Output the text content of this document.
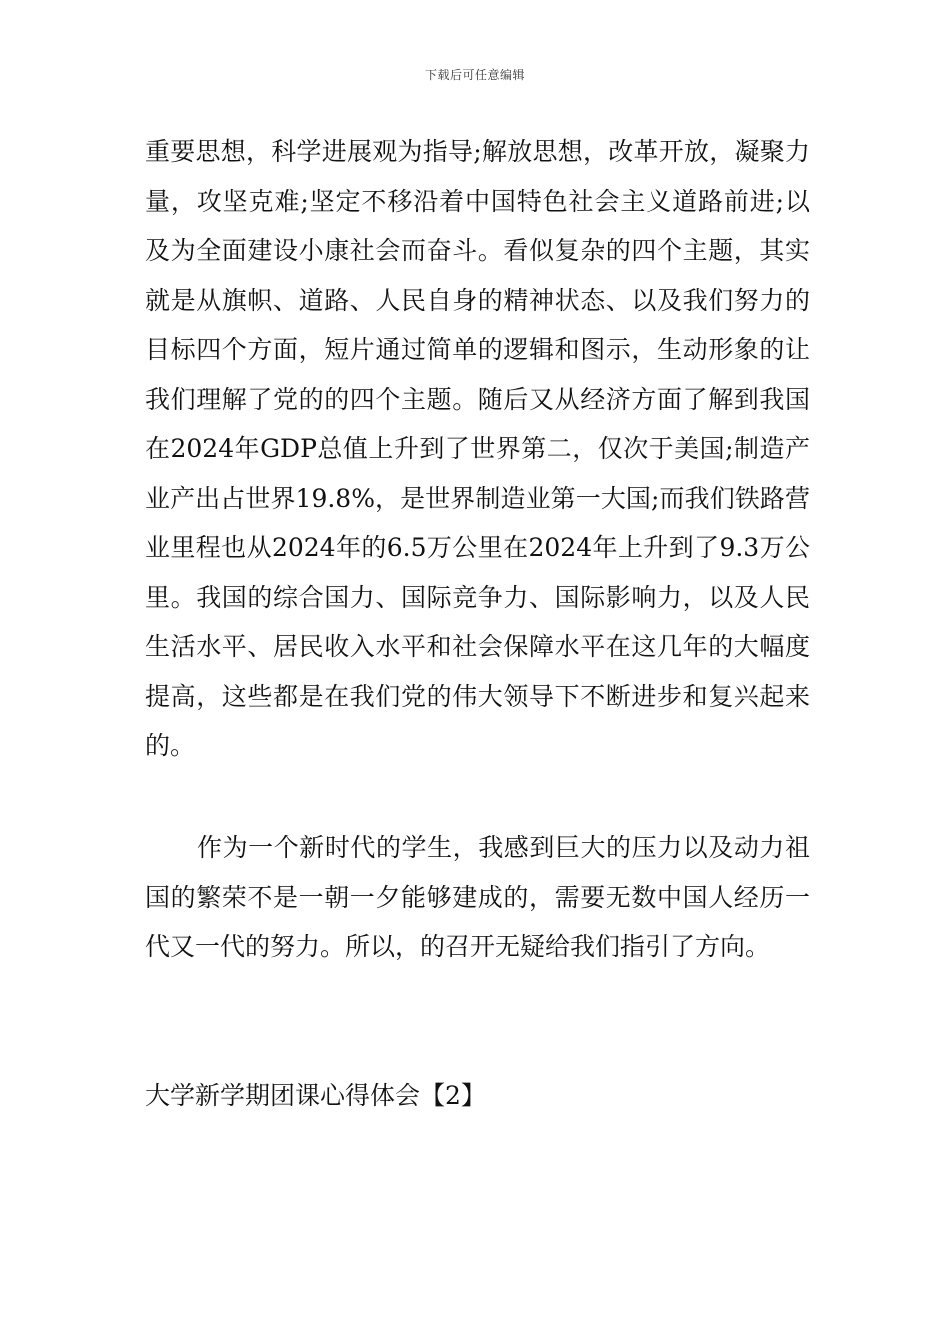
下载后可任意编辑

重要思想，科学进展观为指导;解放思想，改革开放，凝聚力量，攻坚克难;坚定不移沿着中国特色社会主义道路前进;以及为全面建设小康社会而奋斗。看似复杂的四个主题，其实就是从旗帜、道路、人民自身的精神状态、以及我们努力的目标四个方面，短片通过简单的逻辑和图示，生动形象的让我们理解了党的的四个主题。随后又从经济方面了解到我国在2024年GDP总值上升到了世界第二，仅次于美国;制造产业产出占世界19.8%，是世界制造业第一大国;而我们铁路营业里程也从2024年的6.5万公里在2024年上升到了9.3万公里。我国的综合国力、国际竞争力、国际影响力，以及人民生活水平、居民收入水平和社会保障水平在这几年的大幅度提高，这些都是在我们党的伟大领导下不断进步和复兴起来的。

作为一个新时代的学生，我感到巨大的压力以及动力祖国的繁荣不是一朝一夕能够建成的，需要无数中国人经历一代又一代的努力。所以，的召开无疑给我们指引了方向。

大学新学期团课心得体会【2】
